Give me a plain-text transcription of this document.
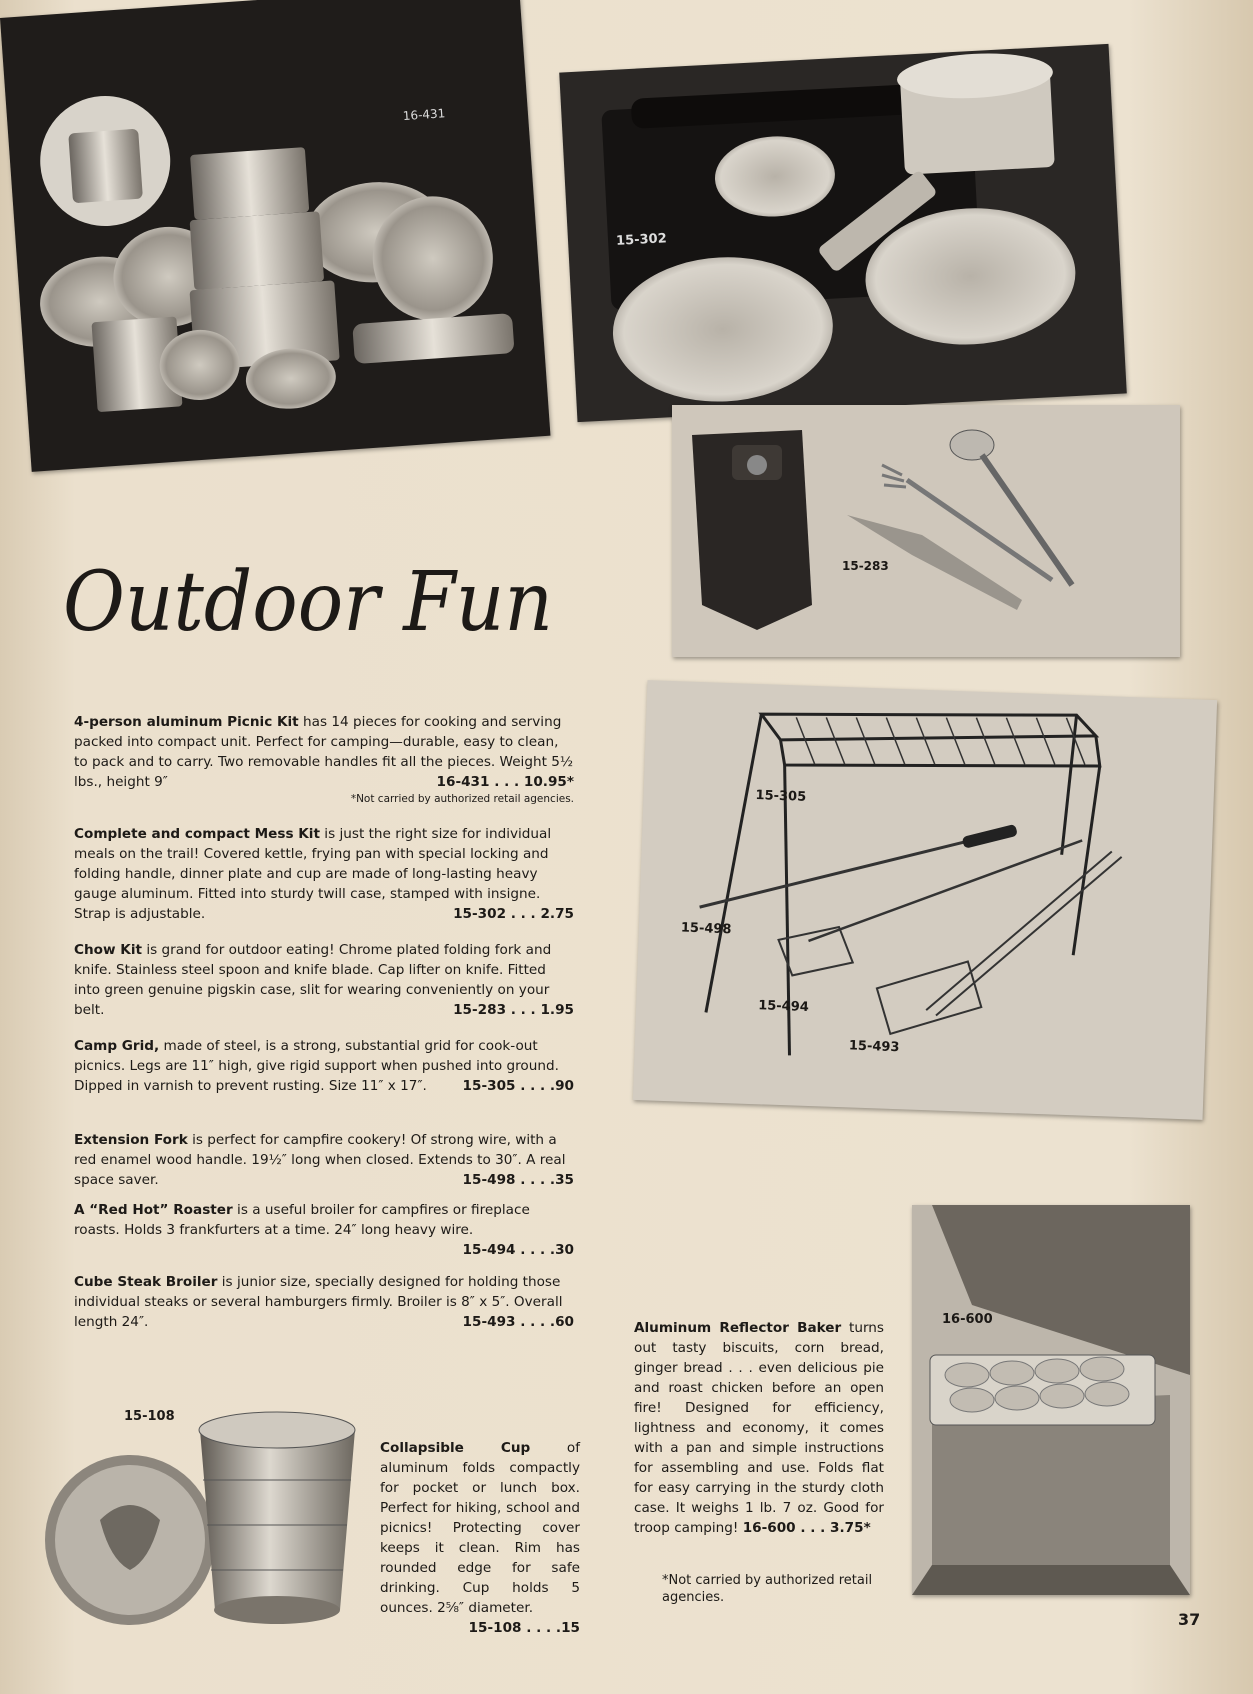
16-431
15-302
15-283
15-305
15-498
15-494
15-493
16-600
Outdoor Fun
4-person aluminum Picnic Kit has 14 pieces for cooking and serving packed into compact unit. Perfect for camping—durable, easy to clean, to pack and to carry. Two removable handles fit all the pieces. Weight 5½ lbs., height 9″	16-431 . . . 10.95*
*Not carried by authorized retail agencies.
Complete and compact Mess Kit is just the right size for individual meals on the trail! Covered kettle, frying pan with special locking and folding handle, dinner plate and cup are made of long-lasting heavy gauge aluminum. Fitted into sturdy twill case, stamped with insigne. Strap is adjustable.	15-302 . . . 2.75
Chow Kit is grand for outdoor eating! Chrome plated folding fork and knife. Stainless steel spoon and knife blade. Cap lifter on knife. Fitted into green genuine pigskin case, slit for wearing conveniently on your belt.	15-283 . . . 1.95
Camp Grid, made of steel, is a strong, substantial grid for cook-out picnics. Legs are 11″ high, give rigid support when pushed into ground. Dipped in varnish to prevent rusting. Size 11″ x 17″.	15-305 . . . .90
Extension Fork is perfect for campfire cookery! Of strong wire, with a red enamel wood handle. 19½″ long when closed. Extends to 30″. A real space saver.	15-498 . . . .35
A “Red Hot” Roaster is a useful broiler for campfires or fireplace roasts. Holds 3 frankfurters at a time. 24″ long heavy wire.
15-494 . . . .30
Cube Steak Broiler is junior size, specially designed for holding those individual steaks or several hamburgers firmly. Broiler is 8″ x 5″. Overall length 24″.	15-493 . . . .60
15-108
Collapsible Cup	of aluminum folds compactly for pocket or lunch box. Perfect for hiking, school and picnics! Protecting cover keeps it clean. Rim has rounded edge for safe drinking. Cup holds 5 ounces. 2⅝″ diameter.
15-108 . . . .15
Aluminum Reflector Baker turns out tasty biscuits, corn bread, ginger bread . . . even delicious pie and roast chicken before an open fire! Designed for efficiency, lightness and economy, it comes with a pan and simple instructions for assembling and use. Folds flat for easy carrying in the sturdy cloth case. It weighs 1 lb. 7 oz. Good for troop camping! 16-600 . . . 3.75*
*Not carried by authorized retail agencies.
37
